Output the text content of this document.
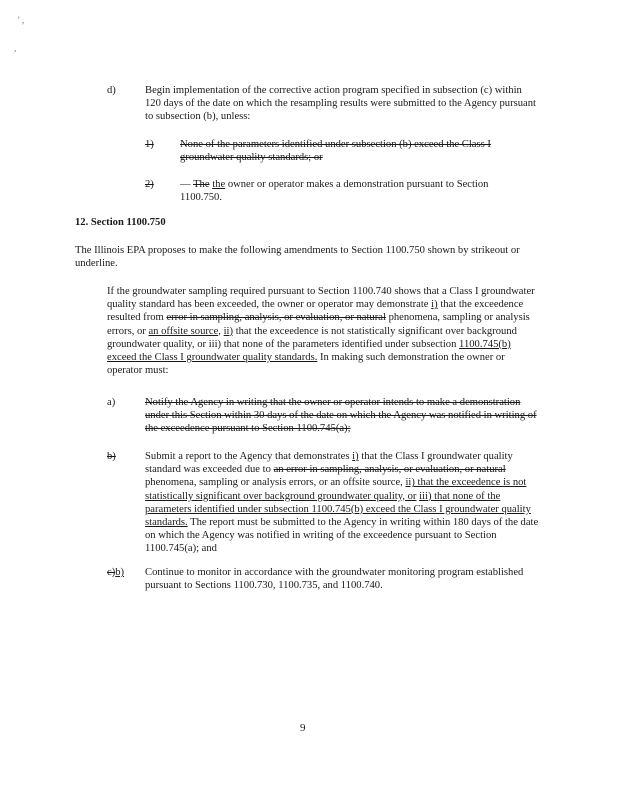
' ,
,
d)	Begin implementation of the corrective action program specified in subsection (c) within 120 days of the date on which the resampling results were submitted to the Agency pursuant to subsection (b), unless:
1) None of the parameters identified under subsection (b) exceed the Class I groundwater quality standards; or
2) — The the owner or operator makes a demonstration pursuant to Section 1100.750.
12. Section 1100.750
The Illinois EPA proposes to make the following amendments to Section 1100.750 shown by strikeout or underline.
If the groundwater sampling required pursuant to Section 1100.740 shows that a Class I groundwater quality standard has been exceeded, the owner or operator may demonstrate i) that the exceedence resulted from error in sampling, analysis, or evaluation, or natural phenomena, sampling or analysis errors, or an offsite source, ii) that the exceedence is not statistically significant over background groundwater quality, or iii) that none of the parameters identified under subsection 1100.745(b) exceed the Class I groundwater quality standards. In making such demonstration the owner or operator must:
a)	Notify the Agency in writing that the owner or operator intends to make a demonstration under this Section within 30 days of the date on which the Agency was notified in writing of the exceedence pursuant to Section 1100.745(a);
b)	Submit a report to the Agency that demonstrates i) that the Class I groundwater quality standard was exceeded due to an error in sampling, analysis, or evaluation, or natural phenomena, sampling or analysis errors, or an offsite source, ii) that the exceedence is not statistically significant over background groundwater quality, or iii) that none of the parameters identified under subsection 1100.745(b) exceed the Class I groundwater quality standards. The report must be submitted to the Agency in writing within 180 days of the date on which the Agency was notified in writing of the exceedence pursuant to Section 1100.745(a); and
c)b) Continue to monitor in accordance with the groundwater monitoring program established pursuant to Sections 1100.730, 1100.735, and 1100.740.
9
